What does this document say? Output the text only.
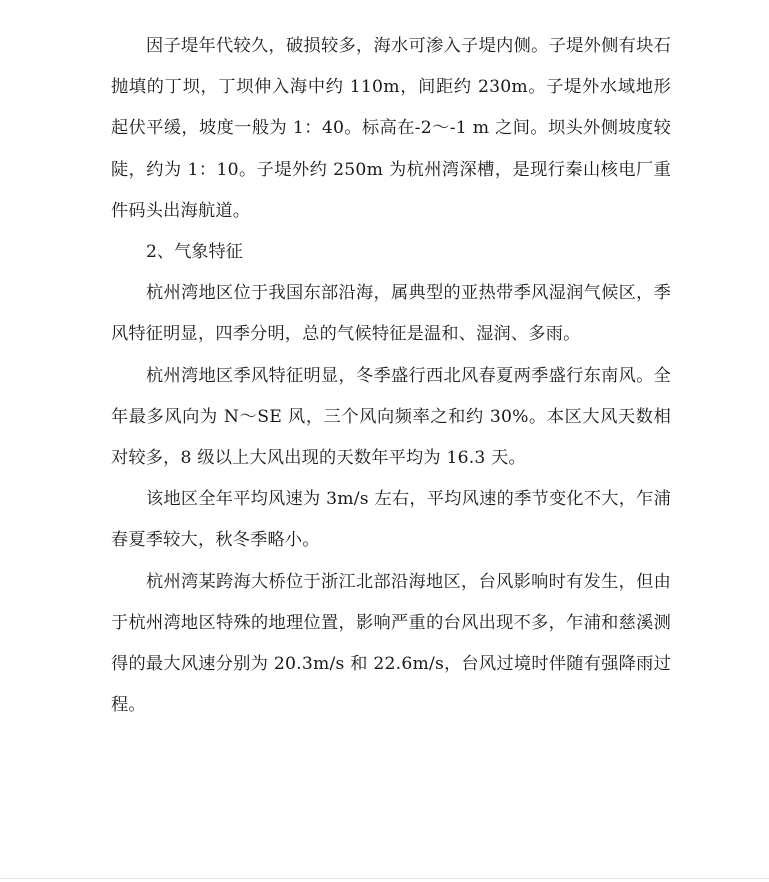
因子堤年代较久，破损较多，海水可渗入子堤内侧。子堤外侧有块石抛填的丁坝，丁坝伸入海中约 110m，间距约 230m。子堤外水域地形起伏平缓，坡度一般为 1：40。标高在-2～-1 m 之间。坝头外侧坡度较陡，约为 1：10。子堤外约 250m 为杭州湾深槽，是现行秦山核电厂重件码头出海航道。

2、气象特征

杭州湾地区位于我国东部沿海，属典型的亚热带季风湿润气候区，季风特征明显，四季分明，总的气候特征是温和、湿润、多雨。

杭州湾地区季风特征明显，冬季盛行西北风春夏两季盛行东南风。全年最多风向为 N～SE 风，三个风向频率之和约 30%。本区大风天数相对较多，8 级以上大风出现的天数年平均为 16.3 天。

该地区全年平均风速为 3m/s 左右，平均风速的季节变化不大，乍浦春夏季较大，秋冬季略小。

杭州湾某跨海大桥位于浙江北部沿海地区，台风影响时有发生，但由于杭州湾地区特殊的地理位置，影响严重的台风出现不多，乍浦和慈溪测得的最大风速分别为 20.3m/s 和 22.6m/s，台风过境时伴随有强降雨过程。
